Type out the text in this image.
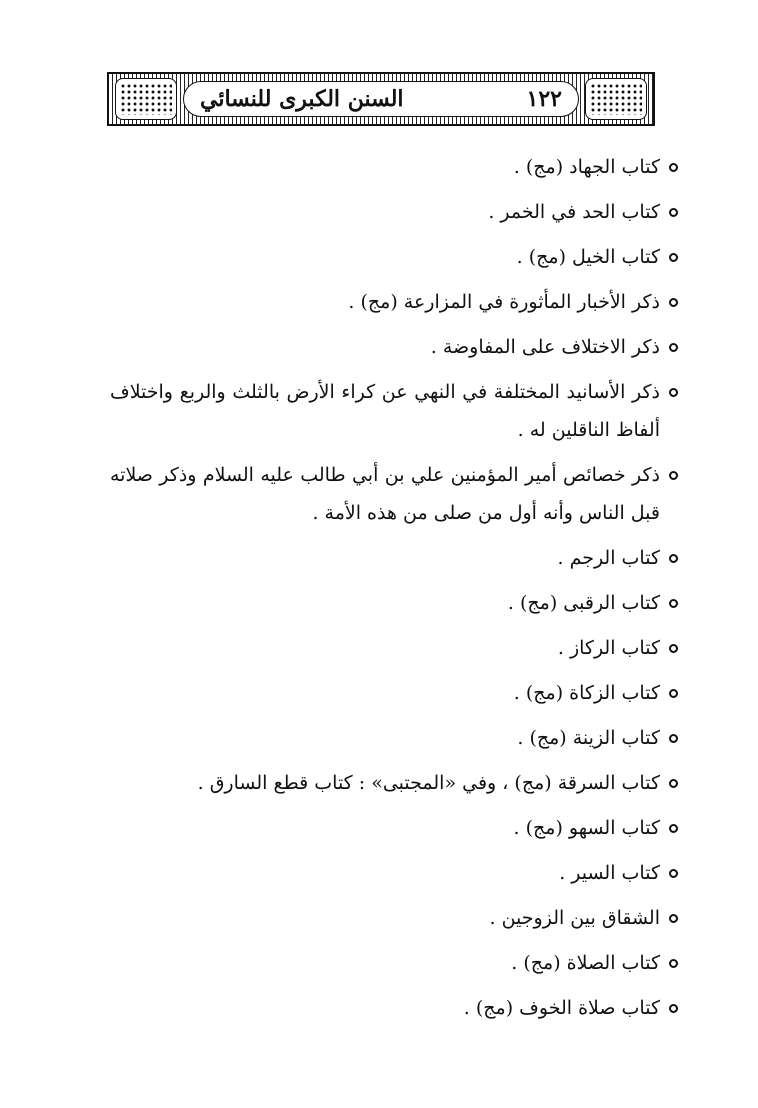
السنن الكبرى للنسائي	١٢٢
كتاب الجهاد (مج) .
كتاب الحد في الخمر .
كتاب الخيل (مج) .
ذكر الأخبار المأثورة في المزارعة (مج) .
ذكر الاختلاف على المفاوضة .
ذكر الأسانيد المختلفة في النهي عن كراء الأرض بالثلث والربع واختلاف ألفاظ الناقلين له .
ذكر خصائص أمير المؤمنين علي بن أبي طالب عليه السلام وذكر صلاته قبل الناس وأنه أول من صلى من هذه الأمة .
كتاب الرجم .
كتاب الرقبى (مج) .
كتاب الركاز .
كتاب الزكاة (مج) .
كتاب الزينة (مج) .
كتاب السرقة (مج) ، وفي «المجتبى» : كتاب قطع السارق .
كتاب السهو (مج) .
كتاب السير .
الشقاق بين الزوجين .
كتاب الصلاة (مج) .
كتاب صلاة الخوف (مج) .
